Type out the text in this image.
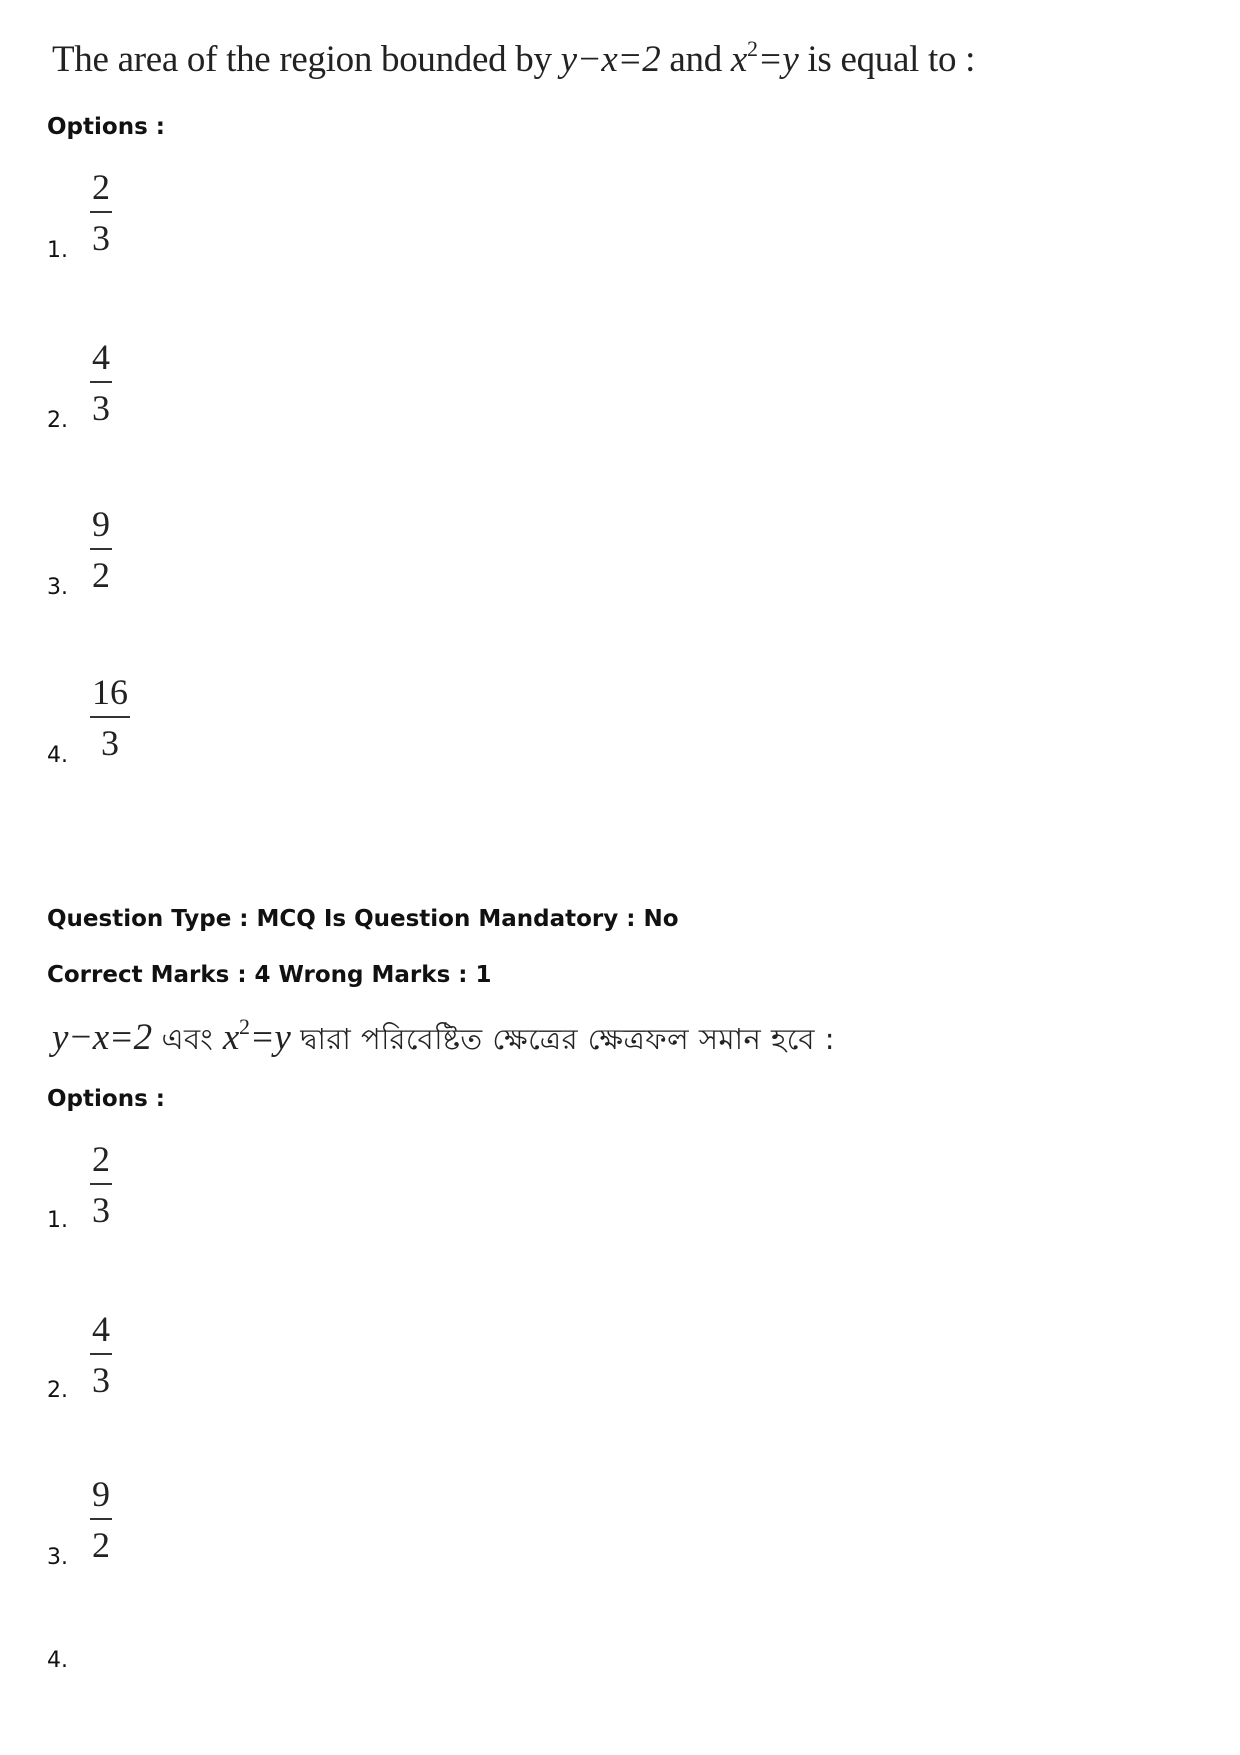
The area of the region bounded by y−x=2 and $x^2=y$ is equal to :
Options :
1.
2
3
2.
4
3
3.
9
2
4.
16
3
Question Type : MCQ Is Question Mandatory : No
Correct Marks : 4 Wrong Marks : 1
y−x=2 এবং $x^2=y$ দ্বারা পরিবেষ্টিত ক্ষেত্রের ক্ষেত্রফল সমান হবে :
Options :
1.
2
3
2.
4
3
3.
9
2
4.
